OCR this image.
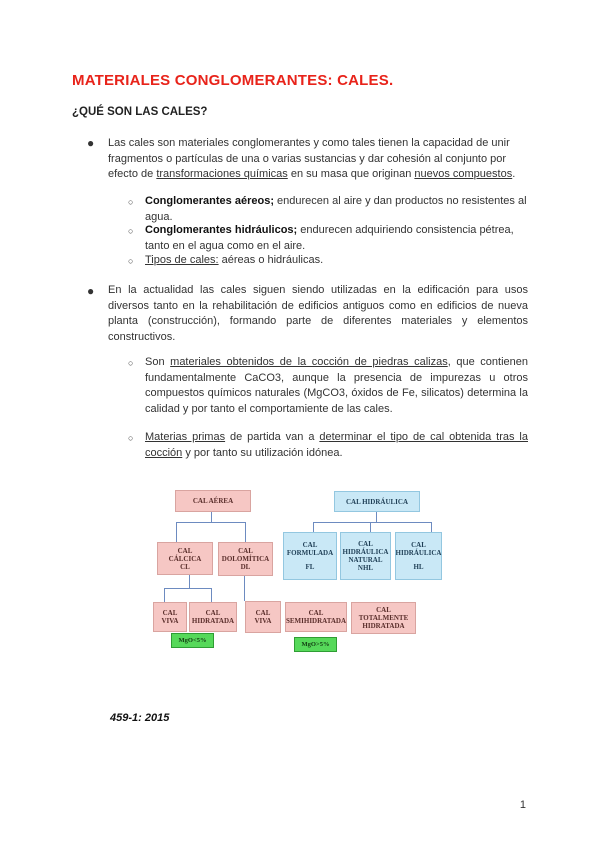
MATERIALES CONGLOMERANTES: CALES.
¿QUÉ SON LAS CALES?
● Las cales son materiales conglomerantes y como tales tienen la capacidad de unir fragmentos o partículas de una o varias sustancias y dar cohesión al conjunto por efecto de transformaciones químicas en su masa que originan nuevos compuestos.
○ Conglomerantes aéreos; endurecen al aire y dan productos no resistentes al agua.
○ Conglomerantes hidráulicos; endurecen adquiriendo consistencia pétrea, tanto en el agua como en el aire.
○ Tipos de cales: aéreas o hidráulicas.
● En la actualidad las cales siguen siendo utilizadas en la edificación para usos diversos tanto en la rehabilitación de edificios antiguos como en edificios de nueva planta (construcción), formando parte de diferentes materiales y elementos constructivos.
○ Son materiales obtenidos de la cocción de piedras calizas, que contienen fundamentalmente CaCO3, aunque la presencia de impurezas u otros compuestos químicos naturales (MgCO3, óxidos de Fe, silicatos) determina la calidad y por tanto el comportamiente de las cales.
○ Materias primas de partida van a determinar el tipo de cal obtenida tras la cocción y por tanto su utilización idónea.
CAL AÉREA	CAL HIDRÁULICA
CAL
CÁLCICA
CL
CAL
DOLOMÍTICA
DL
CAL
FORMULADA
FL
CAL
HIDRÁULICA
NATURAL
NHL
CAL
HIDRÁULICA
HL
CAL
VIVA
CAL
HIDRATADA
CAL
VIVA
CAL
SEMIHIDRATADA
CAL
TOTALMENTE
HIDRATADA
MgO<5%
MgO>5%
459-1: 2015
1
